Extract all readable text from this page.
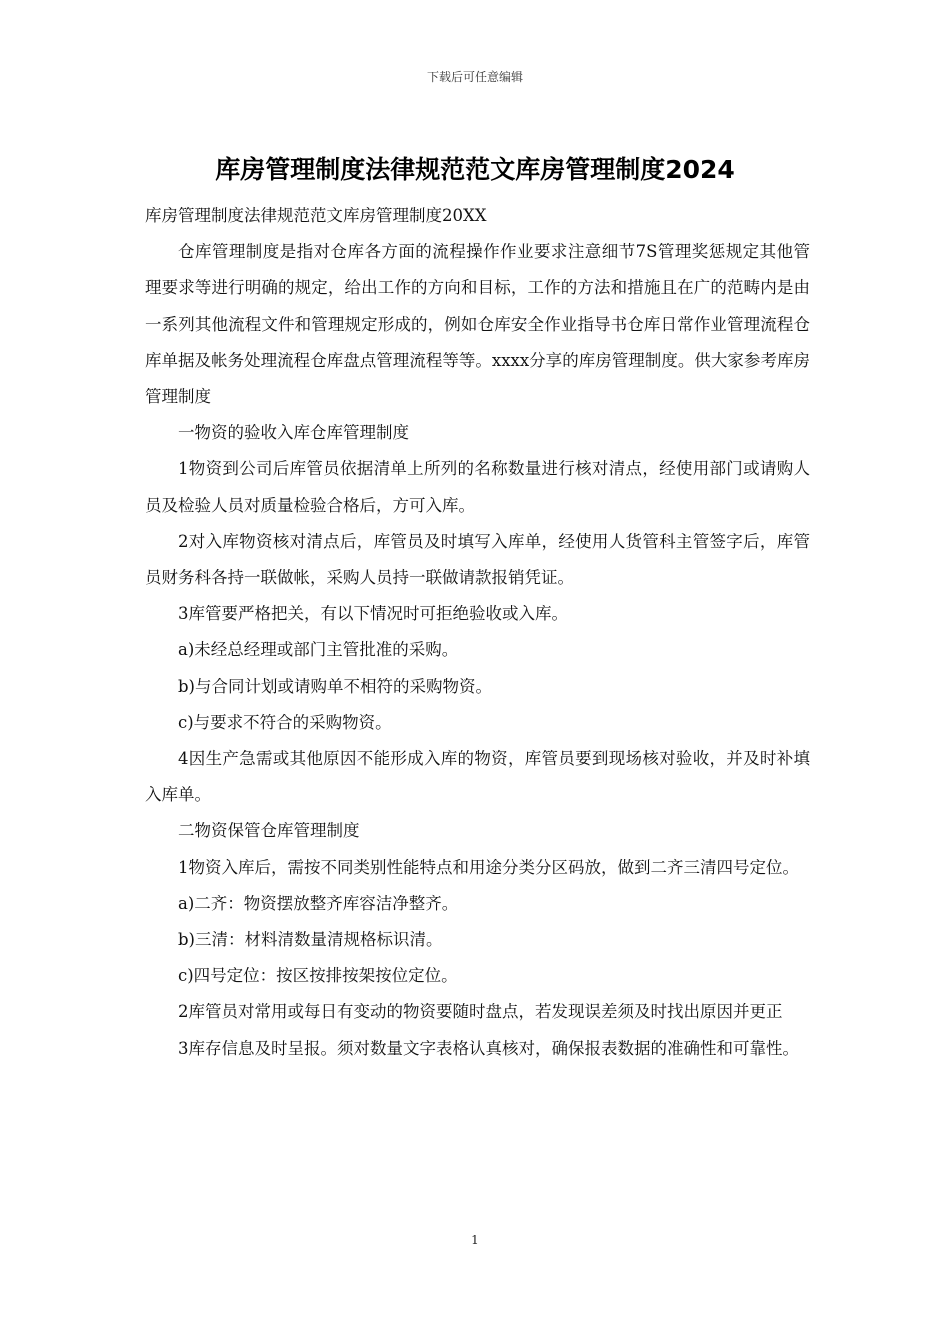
下载后可任意编辑
库房管理制度法律规范范文库房管理制度2024

库房管理制度法律规范范文库房管理制度20XX

仓库管理制度是指对仓库各方面的流程操作作业要求注意细节7S管理奖惩规定其他管理要求等进行明确的规定，给出工作的方向和目标，工作的方法和措施且在广的范畴内是由一系列其他流程文件和管理规定形成的，例如仓库安全作业指导书仓库日常作业管理流程仓库单据及帐务处理流程仓库盘点管理流程等等。xxxx分享的库房管理制度。供大家参考库房管理制度

一物资的验收入库仓库管理制度

1物资到公司后库管员依据清单上所列的名称数量进行核对清点，经使用部门或请购人员及检验人员对质量检验合格后，方可入库。

2对入库物资核对清点后，库管员及时填写入库单，经使用人货管科主管签字后，库管员财务科各持一联做帐，采购人员持一联做请款报销凭证。

3库管要严格把关，有以下情况时可拒绝验收或入库。

a)未经总经理或部门主管批准的采购。

b)与合同计划或请购单不相符的采购物资。

c)与要求不符合的采购物资。

4因生产急需或其他原因不能形成入库的物资，库管员要到现场核对验收，并及时补填入库单。

二物资保管仓库管理制度

1物资入库后，需按不同类别性能特点和用途分类分区码放，做到二齐三清四号定位。

a)二齐：物资摆放整齐库容洁净整齐。

b)三清：材料清数量清规格标识清。

c)四号定位：按区按排按架按位定位。

2库管员对常用或每日有变动的物资要随时盘点，若发现误差须及时找出原因并更正

3库存信息及时呈报。须对数量文字表格认真核对，确保报表数据的准确性和可靠性。

1
